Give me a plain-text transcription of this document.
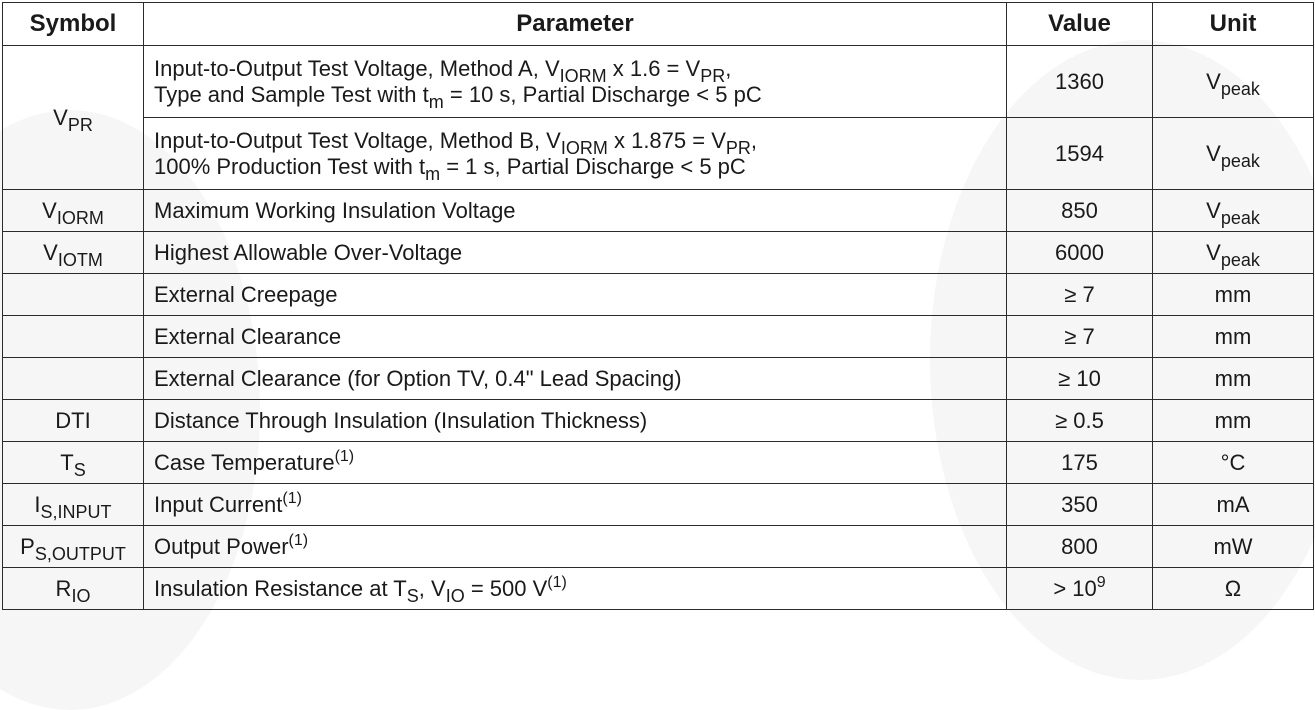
Symbol	Parameter	Value	Unit
$V_{PR}$	Input-to-Output Test Voltage, Method A, $V_{IORM}$ x $1.6 = V_{PR}$,
Type and Sample Test with $t_m = 10$ s, Partial Discharge < 5 pC	1360	$V_{peak}$

	Input-to-Output Test Voltage, Method B, $V_{IORM}$ x $1.875 = V_{PR}$,
100% Production Test with $t_m = 1$ s, Partial Discharge < 5 pC	1594	$V_{peak}$
$V_{IORM}$	Maximum Working Insulation Voltage	850	$V_{peak}$
$V_{IOTM}$	Highest Allowable Over-Voltage	6000	$V_{peak}$
	External Creepage	≥ 7	mm
	External Clearance	≥ 7	mm
	External Clearance (for Option TV, 0.4" Lead Spacing)	≥ 10	mm
DTI	Distance Through Insulation (Insulation Thickness)	≥ 0.5	mm
$T_S$	Case Temperature$^{(1)}$	175	°C
$I_{S,INPUT}$	Input Current$^{(1)}$	350	mA
$P_{S,OUTPUT}$	Output Power$^{(1)}$	800	mW
$R_{IO}$	Insulation Resistance at $T_S$, $V_{IO} = 500$ $V^{(1)}$	> $10^9$	Ω
